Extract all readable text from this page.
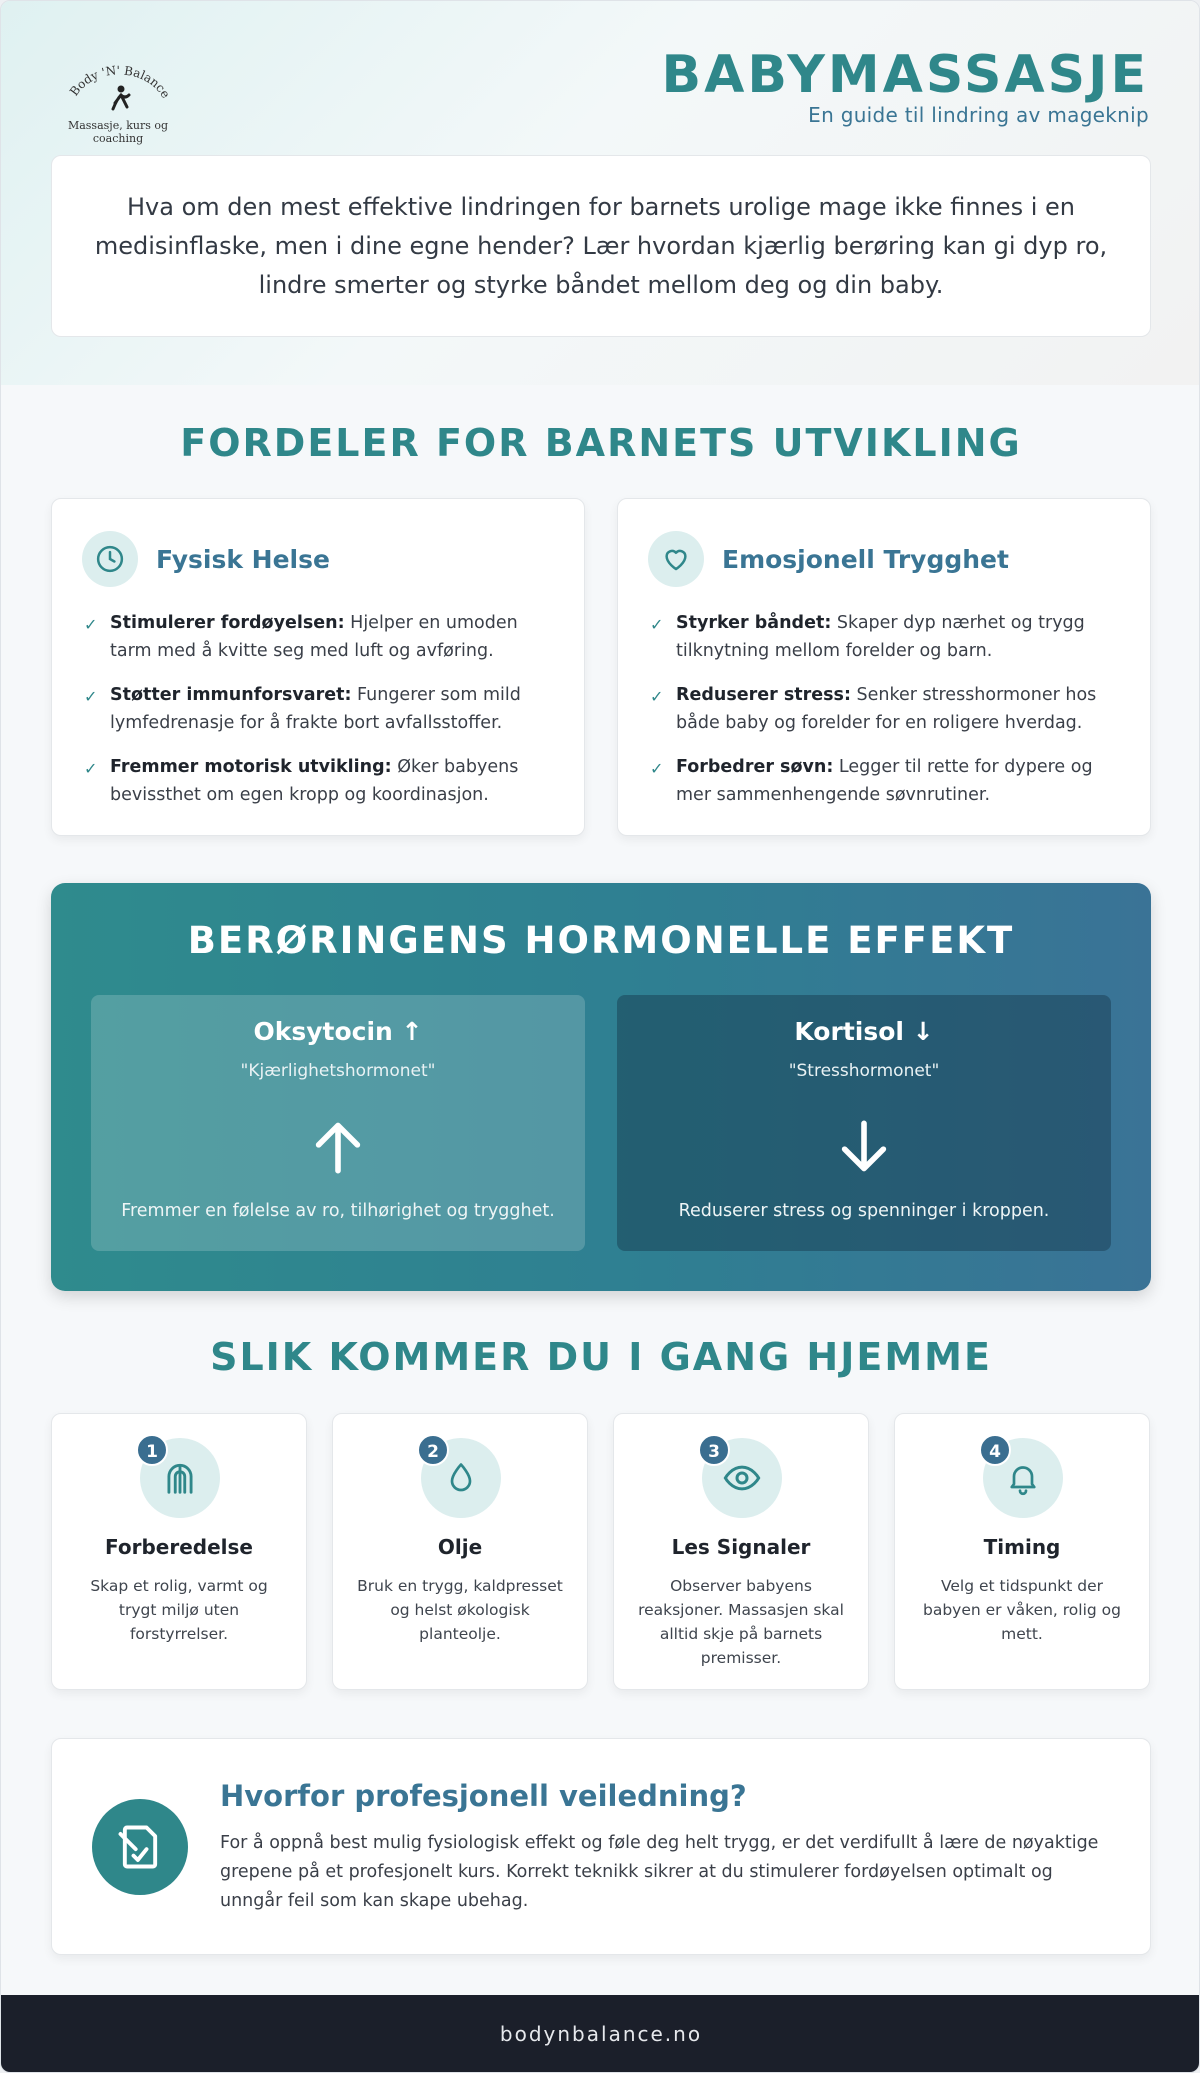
Body 'N' Balance
Massasje, kurs og coaching
BABYMASSASJE
En guide til lindring av mageknip

Hva om den mest effektive lindringen for barnets urolige mage ikke finnes i en medisinflaske, men i dine egne hender? Lær hvordan kjærlig berøring kan gi dyp ro, lindre smerter og styrke båndet mellom deg og din baby.

FORDELER FOR BARNETS UTVIKLING
Fysisk Helse
✓ Stimulerer fordøyelsen: Hjelper en umoden tarm med å kvitte seg med luft og avføring.
✓ Støtter immunforsvaret: Fungerer som mild lymfedrenasje for å frakte bort avfallsstoffer.
✓ Fremmer motorisk utvikling: Øker babyens bevissthet om egen kropp og koordinasjon.
Emosjonell Trygghet
✓ Styrker båndet: Skaper dyp nærhet og trygg tilknytning mellom forelder og barn.
✓ Reduserer stress: Senker stresshormoner hos både baby og forelder for en roligere hverdag.
✓ Forbedrer søvn: Legger til rette for dypere og mer sammenhengende søvnrutiner.
BERØRINGENS HORMONELLE EFFEKT
Oksytocin ↑
"Kjærlighetshormonet"
Fremmer en følelse av ro, tilhørighet og trygghet.
Kortisol ↓
"Stresshormonet"
Reduserer stress og spenninger i kroppen.
SLIK KOMMER DU I GANG HJEMME
1
Forberedelse
Skap et rolig, varmt og trygt miljø uten forstyrrelser.
2
Olje
Bruk en trygg, kaldpresset og helst økologisk planteolje.
3
Les Signaler
Observer babyens reaksjoner. Massasjen skal alltid skje på barnets premisser.
4
Timing
Velg et tidspunkt der babyen er våken, rolig og mett.
Hvorfor profesjonell veiledning?
For å oppnå best mulig fysiologisk effekt og føle deg helt trygg, er det verdifullt å lære de nøyaktige grepene på et profesjonelt kurs. Korrekt teknikk sikrer at du stimulerer fordøyelsen optimalt og unngår feil som kan skape ubehag.
bodynbalance.no
